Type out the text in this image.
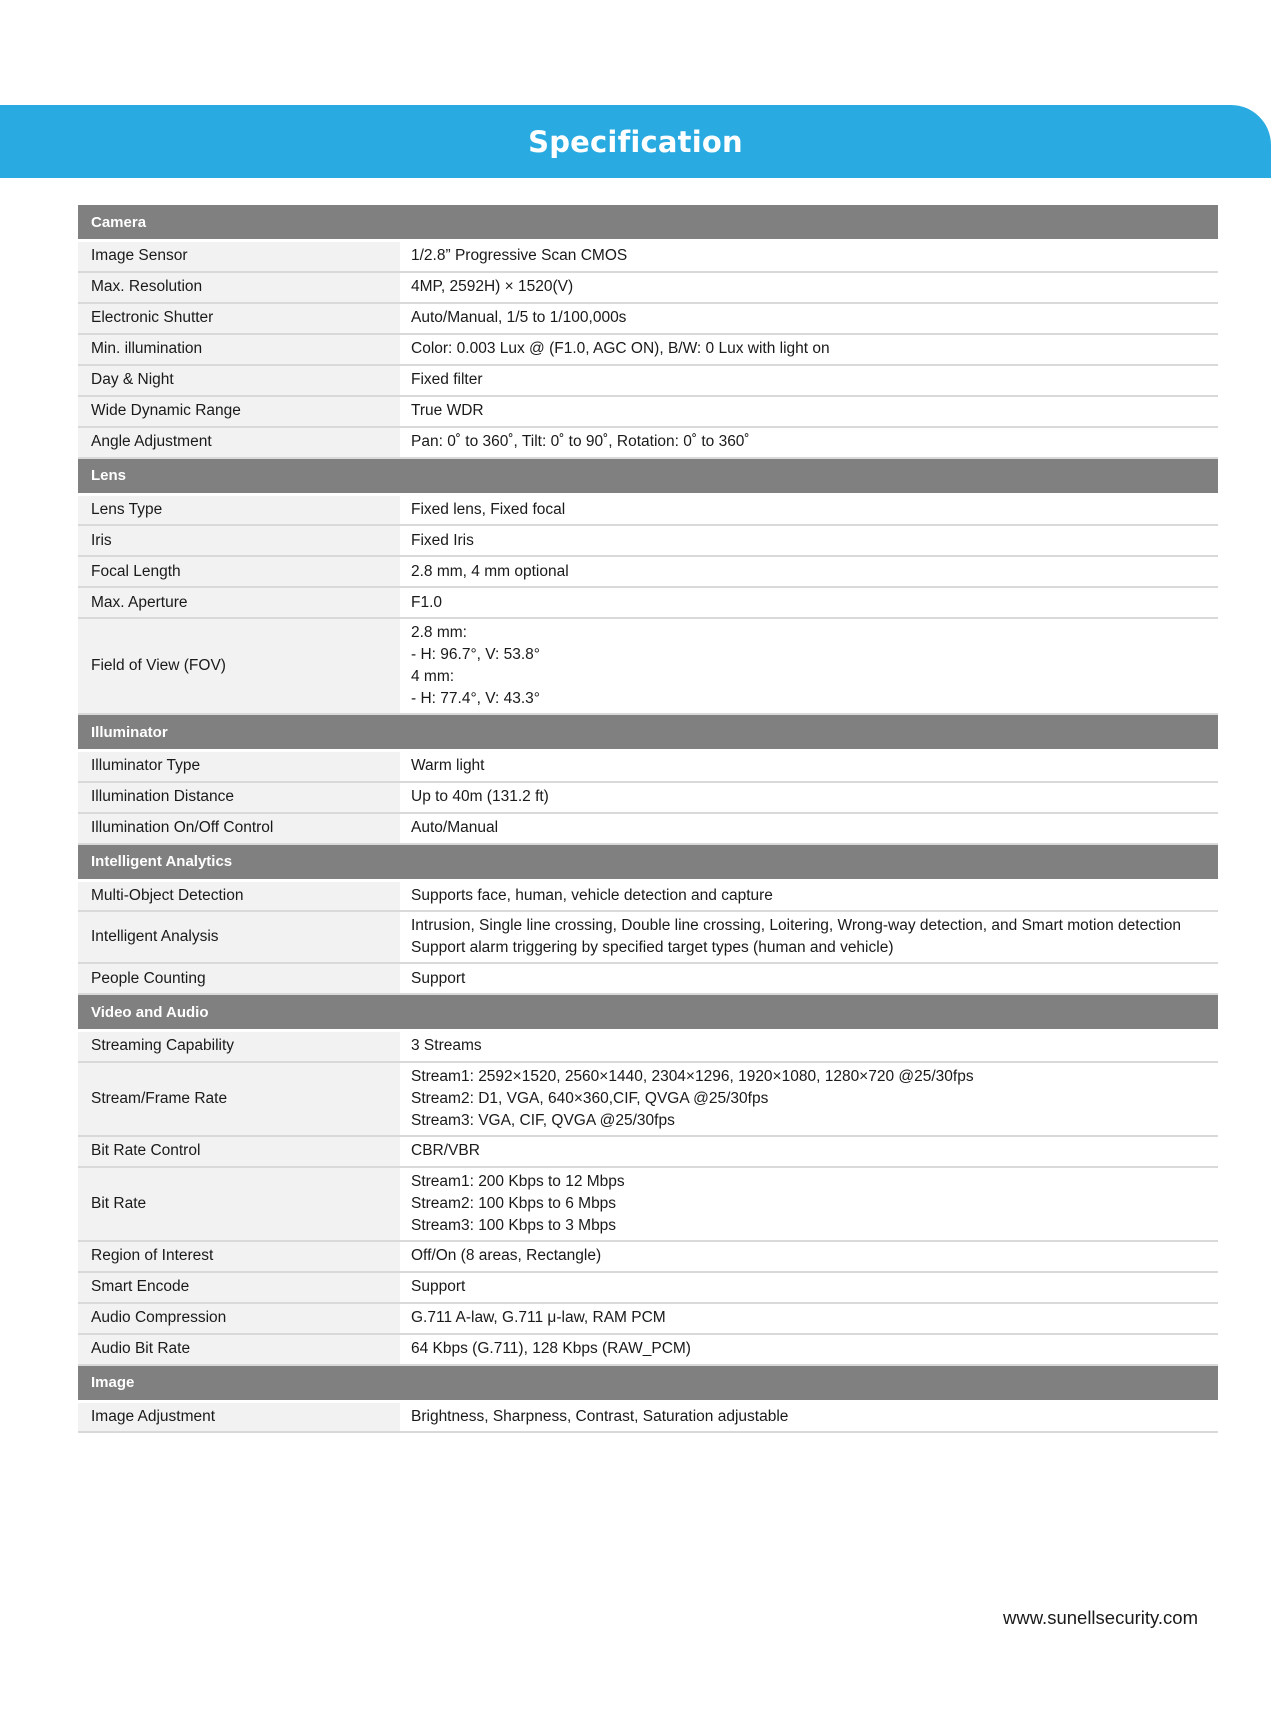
Specification
Camera	
Image Sensor	1/2.8” Progressive Scan CMOS
Max. Resolution	4MP, 2592H) × 1520(V)
Electronic Shutter	Auto/Manual, 1/5 to 1/100,000s
Min. illumination	Color: 0.003 Lux @ (F1.0, AGC ON), B/W: 0 Lux with light on
Day & Night	Fixed filter
Wide Dynamic Range	True WDR
Angle Adjustment	Pan: 0˚ to 360˚, Tilt: 0˚ to 90˚, Rotation: 0˚ to 360˚
Lens	
Lens Type	Fixed lens, Fixed focal
Iris	Fixed Iris
Focal Length	2.8 mm, 4 mm optional
Max. Aperture	F1.0
Field of View (FOV)	2.8 mm:
- H: 96.7°, V: 53.8°
4 mm:
- H: 77.4°, V: 43.3°
Illuminator	
Illuminator Type	Warm light
Illumination Distance	Up to 40m (131.2 ft)
Illumination On/Off Control	Auto/Manual
Intelligent Analytics	
Multi-Object Detection	Supports face, human, vehicle detection and capture
Intelligent Analysis	Intrusion, Single line crossing, Double line crossing, Loitering, Wrong-way detection, and Smart motion detection
Support alarm triggering by specified target types (human and vehicle)
People Counting	Support
Video and Audio	
Streaming Capability	3 Streams
Stream/Frame Rate	Stream1: 2592×1520, 2560×1440, 2304×1296, 1920×1080, 1280×720 @25/30fps
Stream2: D1, VGA, 640×360,CIF, QVGA @25/30fps
Stream3: VGA, CIF, QVGA @25/30fps
Bit Rate Control	CBR/VBR
Bit Rate	Stream1: 200 Kbps to 12 Mbps
Stream2: 100 Kbps to 6 Mbps
Stream3: 100 Kbps to 3 Mbps
Region of Interest	Off/On (8 areas, Rectangle)
Smart Encode	Support
Audio Compression	G.711 A-law, G.711 μ-law, RAM PCM
Audio Bit Rate	64 Kbps (G.711), 128 Kbps (RAW_PCM)
Image	
Image Adjustment	Brightness, Sharpness, Contrast, Saturation adjustable
www.sunellsecurity.com
